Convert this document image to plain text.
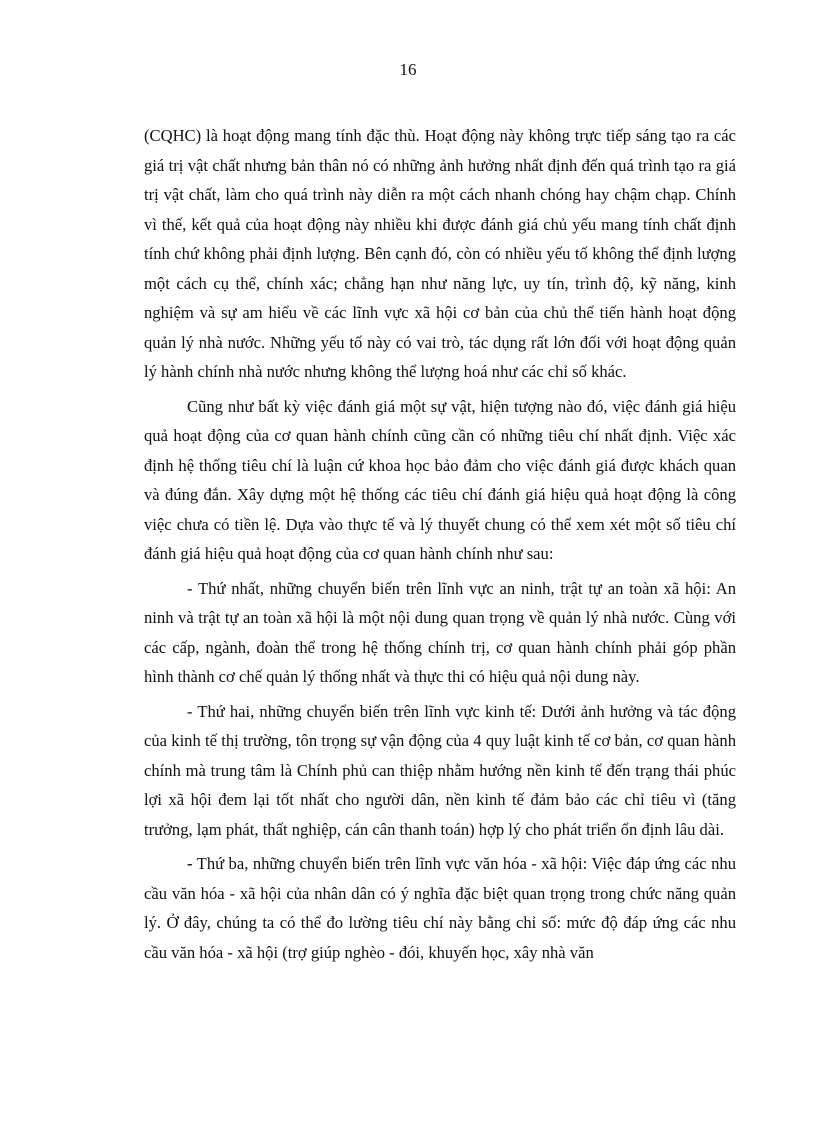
16

(CQHC) là hoạt động mang tính đặc thù. Hoạt động này không trực tiếp sáng tạo ra các giá trị vật chất nhưng bản thân nó có những ảnh hưởng nhất định đến quá trình tạo ra giá trị vật chất, làm cho quá trình này diễn ra một cách nhanh chóng hay chậm chạp. Chính vì thế, kết quả của hoạt động này nhiều khi được đánh giá chủ yếu mang tính chất định tính chứ không phải định lượng. Bên cạnh đó, còn có nhiều yếu tố không thể định lượng một cách cụ thể, chính xác; chẳng hạn như năng lực, uy tín, trình độ, kỹ năng, kinh nghiệm và sự am hiểu về các lĩnh vực xã hội cơ bản của chủ thể tiến hành hoạt động quản lý nhà nước. Những yếu tố này có vai trò, tác dụng rất lớn đối với hoạt động quản lý hành chính nhà nước nhưng không thể lượng hoá như các chỉ số khác.

Cũng như bất kỳ việc đánh giá một sự vật, hiện tượng nào đó, việc đánh giá hiệu quả hoạt động của cơ quan hành chính cũng cần có những tiêu chí nhất định. Việc xác định hệ thống tiêu chí là luận cứ khoa học bảo đảm cho việc đánh giá được khách quan và đúng đắn. Xây dựng một hệ thống các tiêu chí đánh giá hiệu quả hoạt động là công việc chưa có tiền lệ. Dựa vào thực tế và lý thuyết chung có thể xem xét một số tiêu chí đánh giá hiệu quả hoạt động của cơ quan hành chính như sau:

- Thứ nhất, những chuyển biến trên lĩnh vực an ninh, trật tự an toàn xã hội: An ninh và trật tự an toàn xã hội là một nội dung quan trọng về quản lý nhà nước. Cùng với các cấp, ngành, đoàn thể trong hệ thống chính trị, cơ quan hành chính phải góp phần hình thành cơ chế quản lý thống nhất và thực thi có hiệu quả nội dung này.

- Thứ hai, những chuyển biến trên lĩnh vực kinh tế: Dưới ảnh hưởng và tác động của kinh tế thị trường, tôn trọng sự vận động của 4 quy luật kinh tế cơ bản, cơ quan hành chính mà trung tâm là Chính phủ can thiệp nhằm hướng nền kinh tế đến trạng thái phúc lợi xã hội đem lại tốt nhất cho người dân, nền kinh tế đảm bảo các chỉ tiêu vì (tăng trưởng, lạm phát, thất nghiệp, cán cân thanh toán) hợp lý cho phát triển ổn định lâu dài.

- Thứ ba, những chuyển biến trên lĩnh vực văn hóa - xã hội: Việc đáp ứng các nhu cầu văn hóa - xã hội của nhân dân có ý nghĩa đặc biệt quan trọng trong chức năng quản lý. Ở đây, chúng ta có thể đo lường tiêu chí này bằng chỉ số: mức độ đáp ứng các nhu cầu văn hóa - xã hội (trợ giúp nghèo - đói, khuyến học, xây nhà văn
